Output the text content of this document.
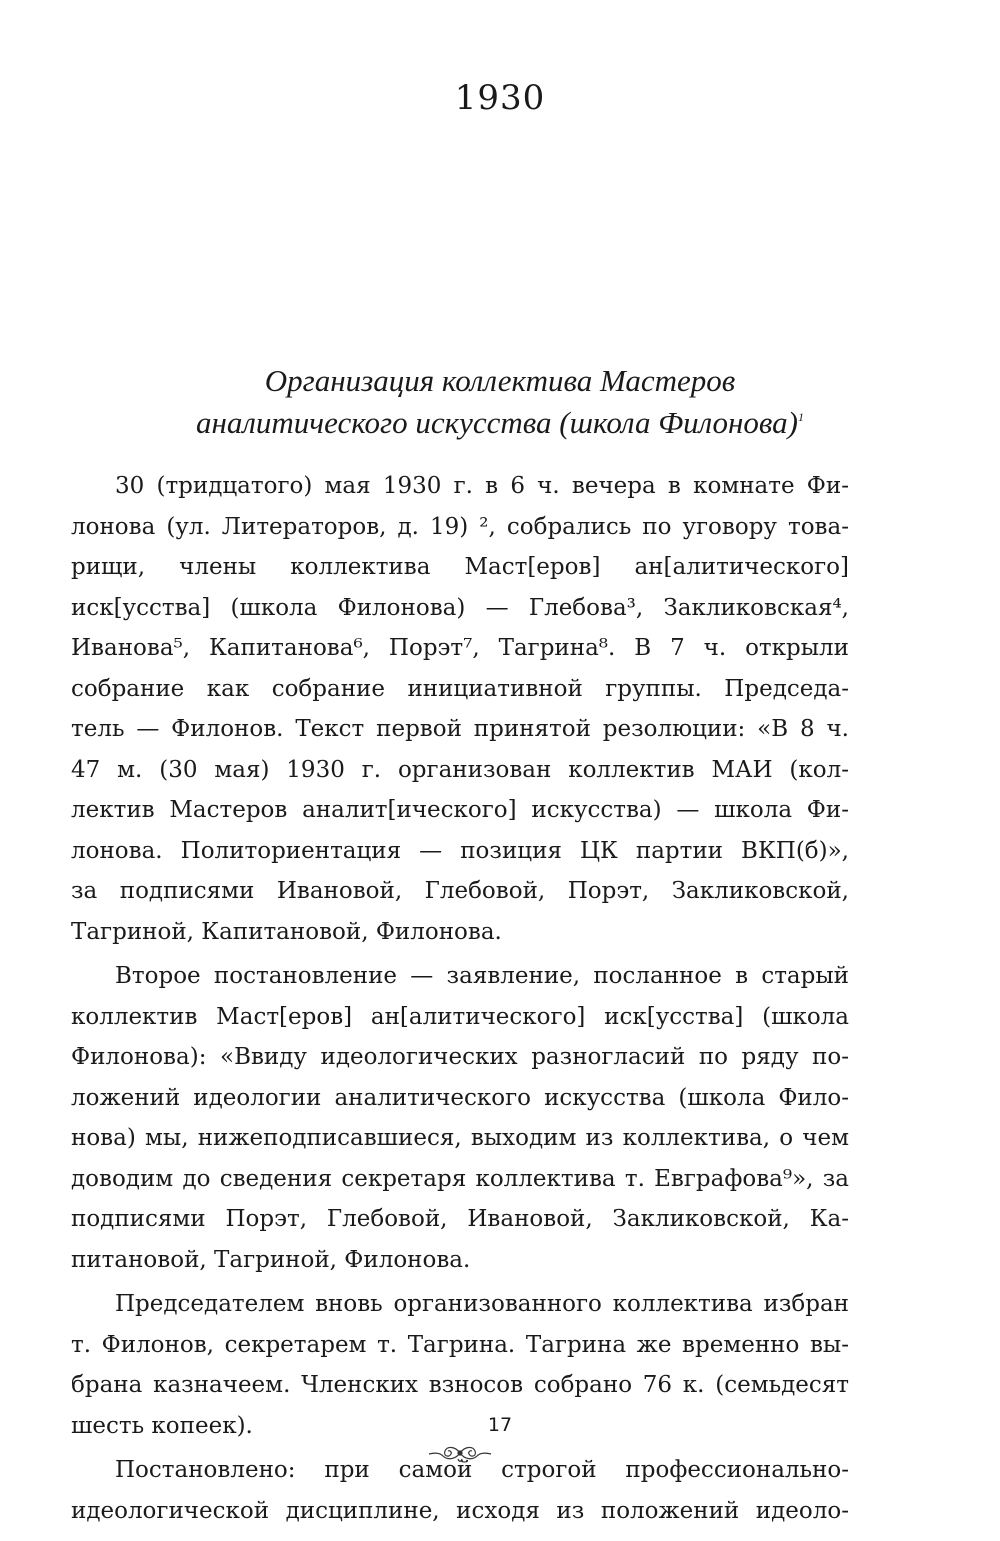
1930
Организация коллектива Мастеров
аналитического искусства (школа Филонова)$^1$
30 (тридцатого) мая 1930 г. в 6 ч. вечера в комнате Фи-
лонова (ул. Литераторов, д. 19) ², собрались по уговору това-
рищи, члены коллектива Маст[еров] ан[алитического]
иск[усства] (школа Филонова) — Глебова³, Закликовская⁴,
Иванова⁵, Капитанова⁶, Порэт⁷, Тагрина⁸. В 7 ч. открыли
собрание как собрание инициативной группы. Председа-
тель — Филонов. Текст первой принятой резолюции: «В 8 ч.
47 м. (30 мая) 1930 г. организован коллектив МАИ (кол-
лектив Мастеров аналит[ического] искусства) — школа Фи-
лонова. Политориентация — позиция ЦК партии ВКП(б)»,
за подписями Ивановой, Глебовой, Порэт, Закликовской,
Тагриной, Капитановой, Филонова.
Второе постановление — заявление, посланное в старый
коллектив Маст[еров] ан[алитического] иск[усства] (школа
Филонова): «Ввиду идеологических разногласий по ряду по-
ложений идеологии аналитического искусства (школа Фило-
нова) мы, нижеподписавшиеся, выходим из коллектива, о чем
доводим до сведения секретаря коллектива т. Евграфова⁹», за
подписями Порэт, Глебовой, Ивановой, Закликовской, Ка-
питановой, Тагриной, Филонова.
Председателем вновь организованного коллектива избран
т. Филонов, секретарем т. Тагрина. Тагрина же временно вы-
брана казначеем. Членских взносов собрано 76 к. (семьдесят
шесть копеек).
Постановлено: при самой строгой профессионально-
идеологической дисциплине, исходя из положений идеоло-
17
